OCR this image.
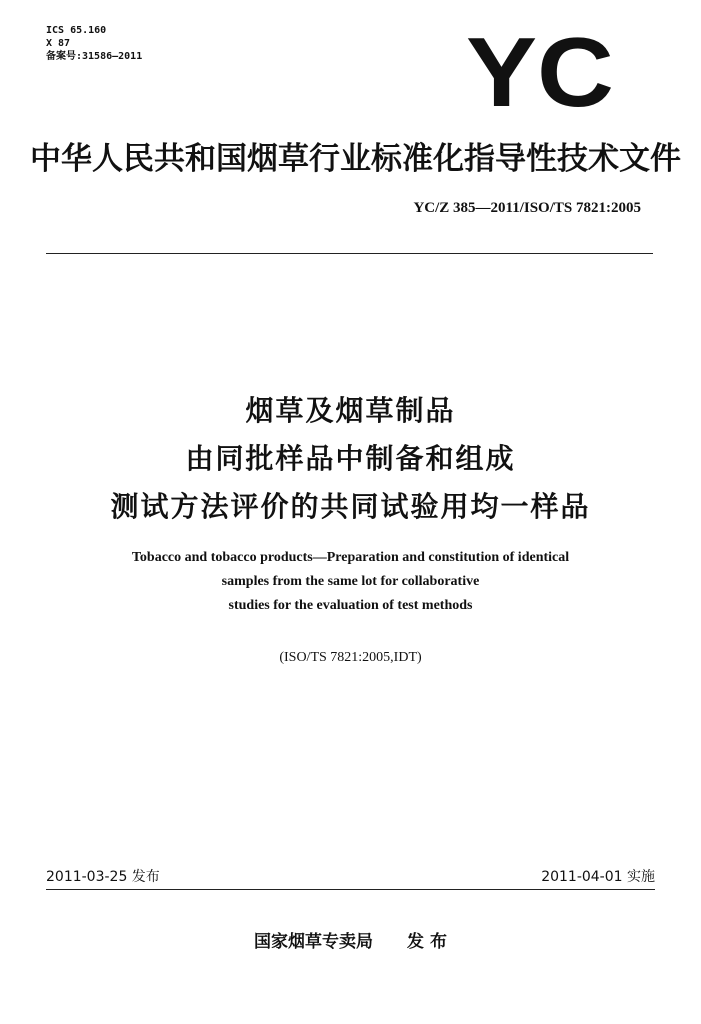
ICS 65.160
X 87
备案号:31586—2011	YC
中华人民共和国烟草行业标准化指导性技术文件
YC/Z 385—2011/ISO/TS 7821:2005
烟草及烟草制品
由同批样品中制备和组成
测试方法评价的共同试验用均一样品
Tobacco and tobacco products—Preparation and constitution of identical
samples from the same lot for collaborative
studies for the evaluation of test methods
(ISO/TS 7821:2005,IDT)
2011-03-25 发布	2011-04-01 实施
国家烟草专卖局 发 布
